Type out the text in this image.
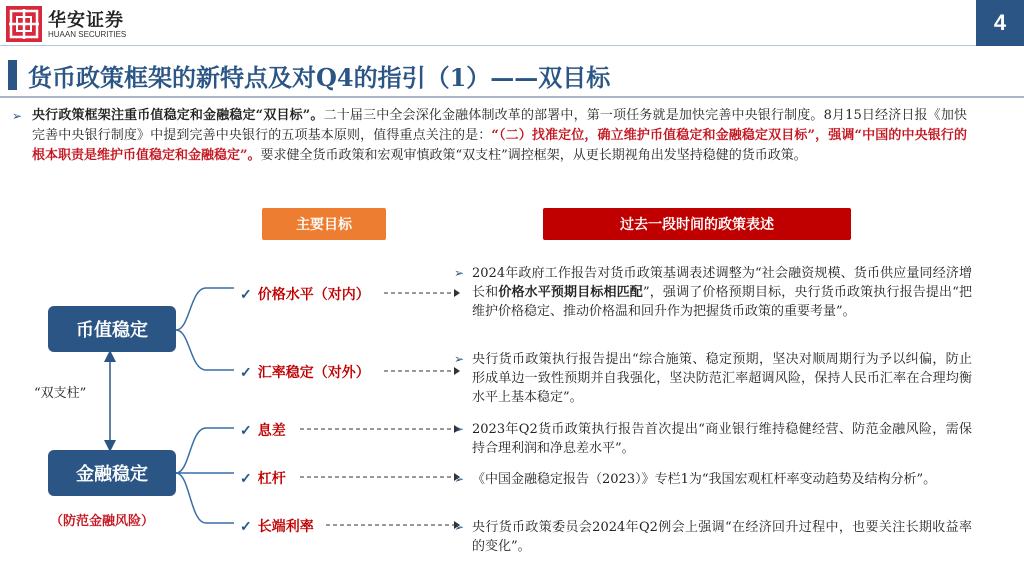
华安证券
HUAAN SECURITIES	4
货币政策框架的新特点及对Q4的指引（1）——双目标
➢ 央行政策框架注重币值稳定和金融稳定“双目标”。二十届三中全会深化金融体制改革的部署中，第一项任务就是加快完善中央银行制度。8月15日经济日报《加快完善中央银行制度》中提到完善中央银行的五项基本原则，值得重点关注的是：“（二）找准定位，确立维护币值稳定和金融稳定双目标”，强调“中国的中央银行的根本职责是维护币值稳定和金融稳定”。要求健全货币政策和宏观审慎政策“双支柱”调控框架，从更长期视角出发坚持稳健的货币政策。
主要目标	过去一段时间的政策表述
币值稳定
金融稳定
“双支柱”
（防范金融风险）
✓ 价格水平（对内）
✓ 汇率稳定（对外）
✓ 息差
✓ 杠杆
✓ 长端利率
➢ 2024年政府工作报告对货币政策基调表述调整为“社会融资规模、货币供应量同经济增长和价格水平预期目标相匹配”，强调了价格预期目标，央行货币政策执行报告提出“把维护价格稳定、推动价格温和回升作为把握货币政策的重要考量”。
➢ 央行货币政策执行报告提出“综合施策、稳定预期，坚决对顺周期行为予以纠偏，防止形成单边一致性预期并自我强化，坚决防范汇率超调风险，保持人民币汇率在合理均衡水平上基本稳定”。
➢ 2023年Q2货币政策执行报告首次提出“商业银行维持稳健经营、防范金融风险，需保持合理利润和净息差水平”。
➢ 《中国金融稳定报告（2023）》专栏1为“我国宏观杠杆率变动趋势及结构分析”。
➢ 央行货币政策委员会2024年Q2例会上强调“在经济回升过程中，也要关注长期收益率的变化”。
